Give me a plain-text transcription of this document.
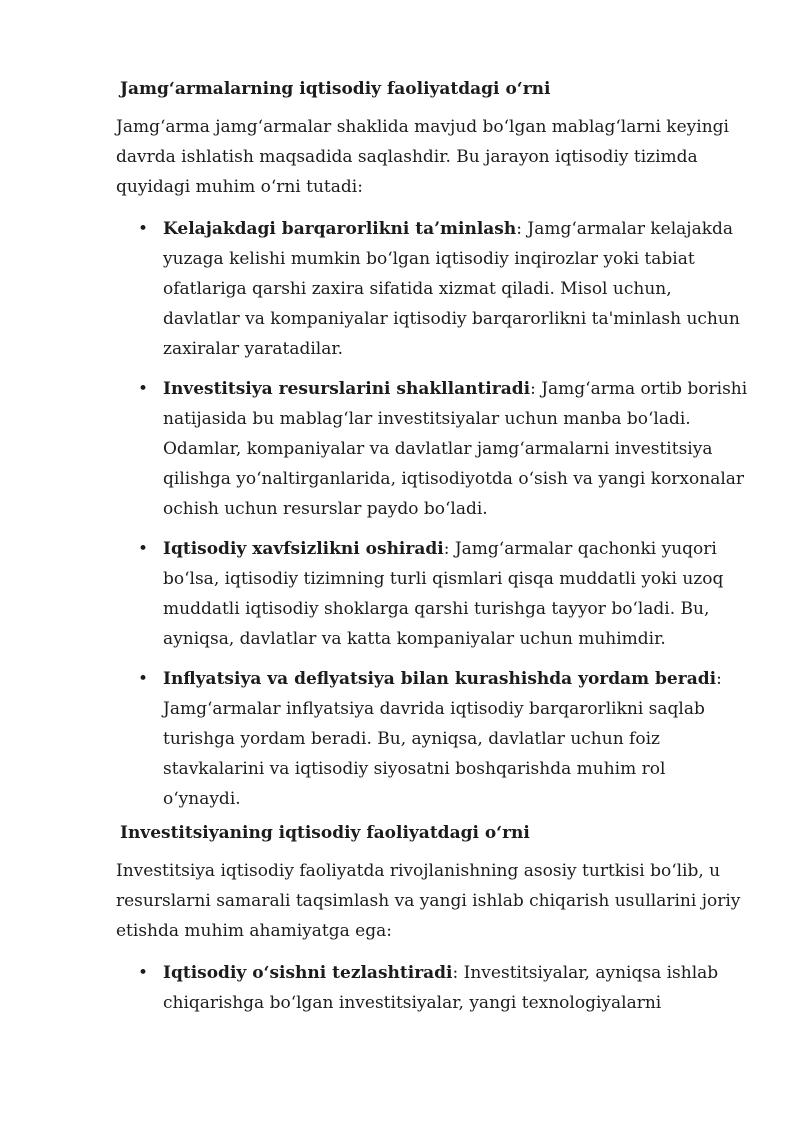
Jamg‘armalarning iqtisodiy faoliyatdagi o‘rni

Jamg‘arma jamg‘armalar shaklida mavjud bo‘lgan mablag‘larni keyingi davrda ishlatish maqsadida saqlashdir. Bu jarayon iqtisodiy tizimda quyidagi muhim o‘rni tutadi:

• Kelajakdagi barqarorlikni ta’minlash: Jamg‘armalar kelajakda yuzaga kelishi mumkin bo‘lgan iqtisodiy inqirozlar yoki tabiat ofatlariga qarshi zaxira sifatida xizmat qiladi. Misol uchun, davlatlar va kompaniyalar iqtisodiy barqarorlikni ta'minlash uchun zaxiralar yaratadilar.
• Investitsiya resurslarini shakllantiradi: Jamg‘arma ortib borishi natijasida bu mablag‘lar investitsiyalar uchun manba bo‘ladi. Odamlar, kompaniyalar va davlatlar jamg‘armalarni investitsiya qilishga yo‘naltirganlarida, iqtisodiyotda o‘sish va yangi korxonalar ochish uchun resurslar paydo bo‘ladi.
• Iqtisodiy xavfsizlikni oshiradi: Jamg‘armalar qachonki yuqori bo‘lsa, iqtisodiy tizimning turli qismlari qisqa muddatli yoki uzoq muddatli iqtisodiy shoklarga qarshi turishga tayyor bo‘ladi. Bu, ayniqsa, davlatlar va katta kompaniyalar uchun muhimdir.
• Inflyatsiya va deflyatsiya bilan kurashishda yordam beradi: Jamg‘armalar inflyatsiya davrida iqtisodiy barqarorlikni saqlab turishga yordam beradi. Bu, ayniqsa, davlatlar uchun foiz stavkalarini va iqtisodiy siyosatni boshqarishda muhim rol o‘ynaydi.
Investitsiyaning iqtisodiy faoliyatdagi o‘rni

Investitsiya iqtisodiy faoliyatda rivojlanishning asosiy turtkisi bo‘lib, u resurslarni samarali taqsimlash va yangi ishlab chiqarish usullarini joriy etishda muhim ahamiyatga ega:

• Iqtisodiy o‘sishni tezlashtiradi: Investitsiyalar, ayniqsa ishlab chiqarishga bo‘lgan investitsiyalar, yangi texnologiyalarni
